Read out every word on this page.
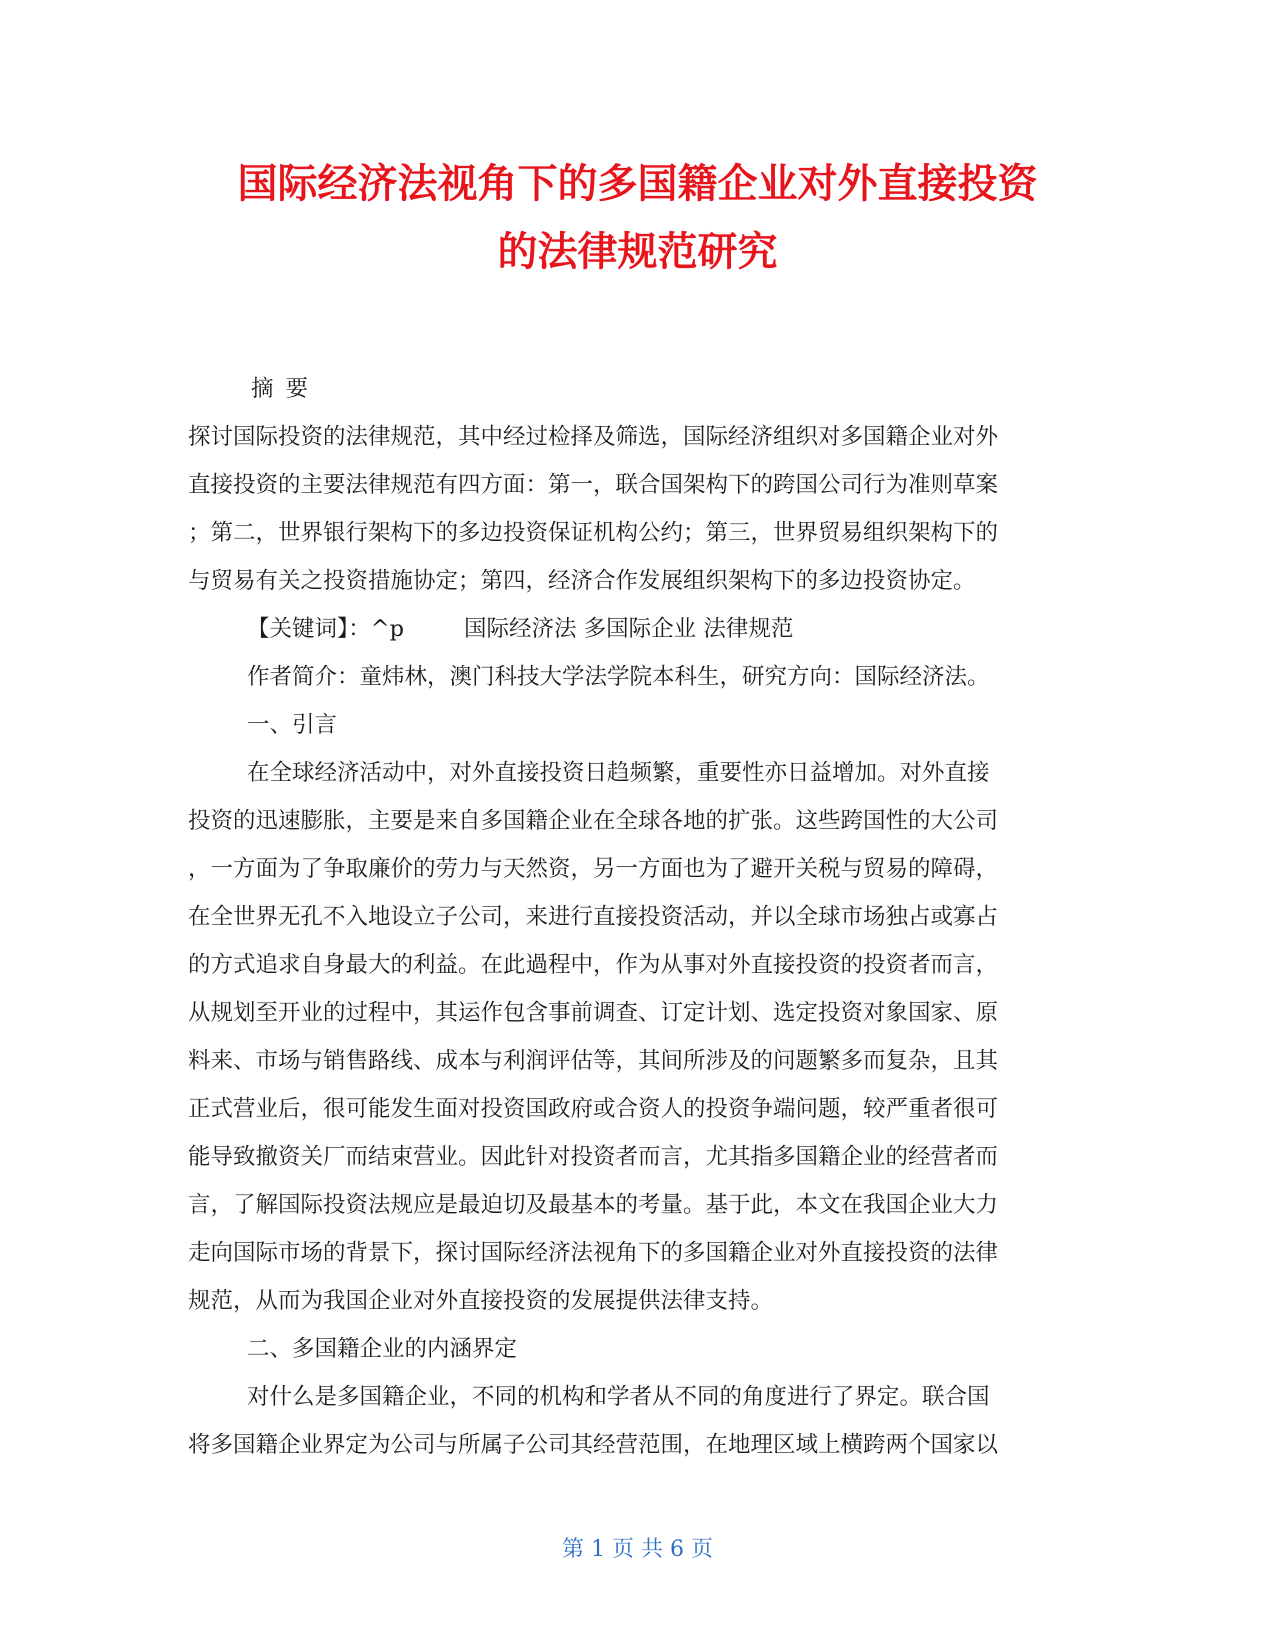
国际经济法视角下的多国籍企业对外直接投资
的法律规范研究
摘要
探讨国际投资的法律规范，其中经过检择及筛选，国际经济组织对多国籍企业对外
直接投资的主要法律规范有四方面：第一，联合国架构下的跨国公司行为准则草案
；第二，世界银行架构下的多边投资保证机构公约；第三，世界贸易组织架构下的
与贸易有关之投资措施协定；第四，经济合作发展组织架构下的多边投资协定。
【关键词】：^p	国际经济法 多国际企业 法律规范
作者简介：童炜林，澳门科技大学法学院本科生，研究方向：国际经济法。
一、引言
在全球经济活动中，对外直接投资日趋频繁，重要性亦日益增加。对外直接
投资的迅速膨胀，主要是来自多国籍企业在全球各地的扩张。这些跨国性的大公司
，一方面为了争取廉价的劳力与天然资，另一方面也为了避开关税与贸易的障碍，
在全世界无孔不入地设立子公司，来进行直接投资活动，并以全球市场独占或寡占
的方式追求自身最大的利益。在此過程中，作为从事对外直接投资的投资者而言，
从规划至开业的过程中，其运作包含事前调查、订定计划、选定投资对象国家、原
料来、市场与销售路线、成本与利润评估等，其间所涉及的问题繁多而复杂，且其
正式营业后，很可能发生面对投资国政府或合资人的投资争端问题，较严重者很可
能导致撤资关厂而结束营业。因此针对投资者而言，尤其指多国籍企业的经营者而
言，了解国际投资法规应是最迫切及最基本的考量。基于此，本文在我国企业大力
走向国际市场的背景下，探讨国际经济法视角下的多国籍企业对外直接投资的法律
规范，从而为我国企业对外直接投资的发展提供法律支持。
二、多国籍企业的内涵界定
对什么是多国籍企业，不同的机构和学者从不同的角度进行了界定。联合国
将多国籍企业界定为公司与所属子公司其经营范围，在地理区域上横跨两个国家以
第 1 页 共 6 页
